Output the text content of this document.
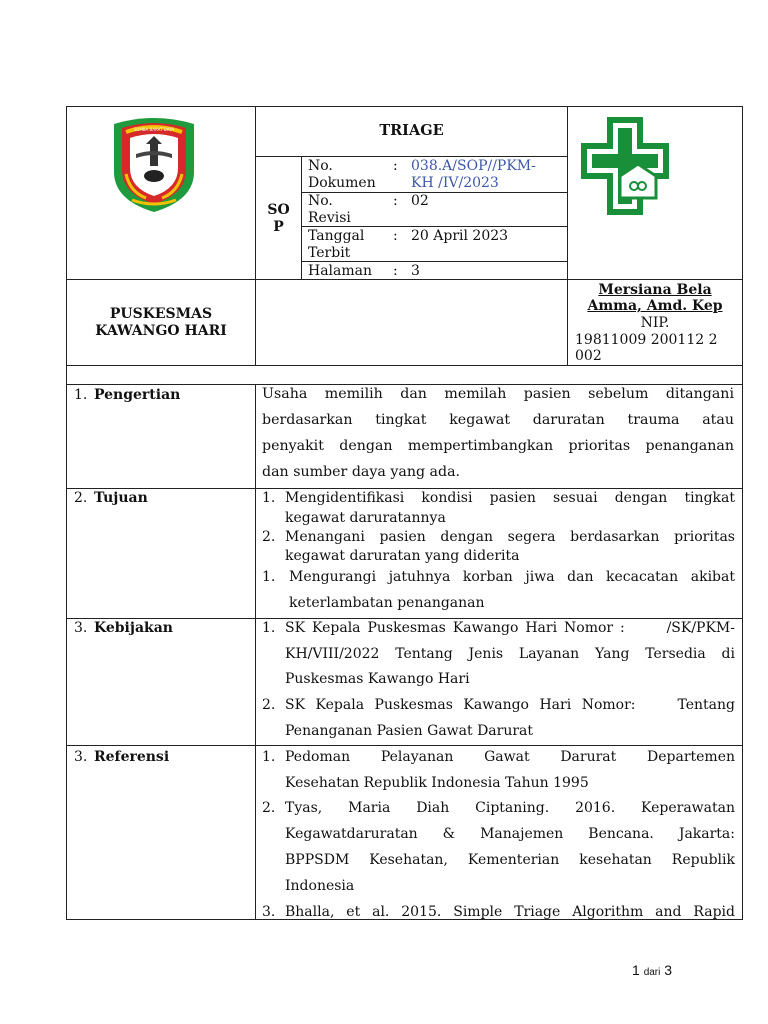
SUMBA BARAT DAYA	TRIAGE
SO
P
No.
Dokumen
: 038.A/SOP//PKM-
KH /IV/2023
No.
Revisi
: 02
Tanggal
Terbit
: 20 April 2023
Halaman : 3
PUSKESMAS
KAWANGO HARI
Mersiana Bela
Amma, Amd. Kep
NIP.
19811009 200112 2
002
1. Pengertian	Usaha memilih dan memilah pasien sebelum ditangani
berdasarkan tingkat kegawat daruratan trauma atau
penyakit dengan mempertimbangkan prioritas penanganan
dan sumber daya yang ada.
2. Tujuan	1. Mengidentifikasi kondisi pasien sesuai dengan tingkat
kegawat daruratannya
2. Menangani pasien dengan segera berdasarkan prioritas
kegawat daruratan yang diderita
1. Mengurangi jatuhnya korban jiwa dan kecacatan akibat
keterlambatan penanganan
3. Kebijakan	1. SK Kepala Puskesmas Kawango Hari Nomor :      /SK/PKM-
KH/VIII/2022 Tentang Jenis Layanan Yang Tersedia di
Puskesmas Kawango Hari
2. SK Kepala Puskesmas Kawango Hari Nomor:    Tentang
Penanganan Pasien Gawat Darurat
3. Referensi	1. Pedoman Pelayanan Gawat Darurat Departemen
Kesehatan Republik Indonesia Tahun 1995
2. Tyas, Maria Diah Ciptaning. 2016. Keperawatan
Kegawatdaruratan & Manajemen Bencana. Jakarta:
BPPSDM Kesehatan, Kementerian kesehatan Republik
Indonesia
3. Bhalla, et al. 2015. Simple Triage Algorithm and Rapid
1 dari 3
